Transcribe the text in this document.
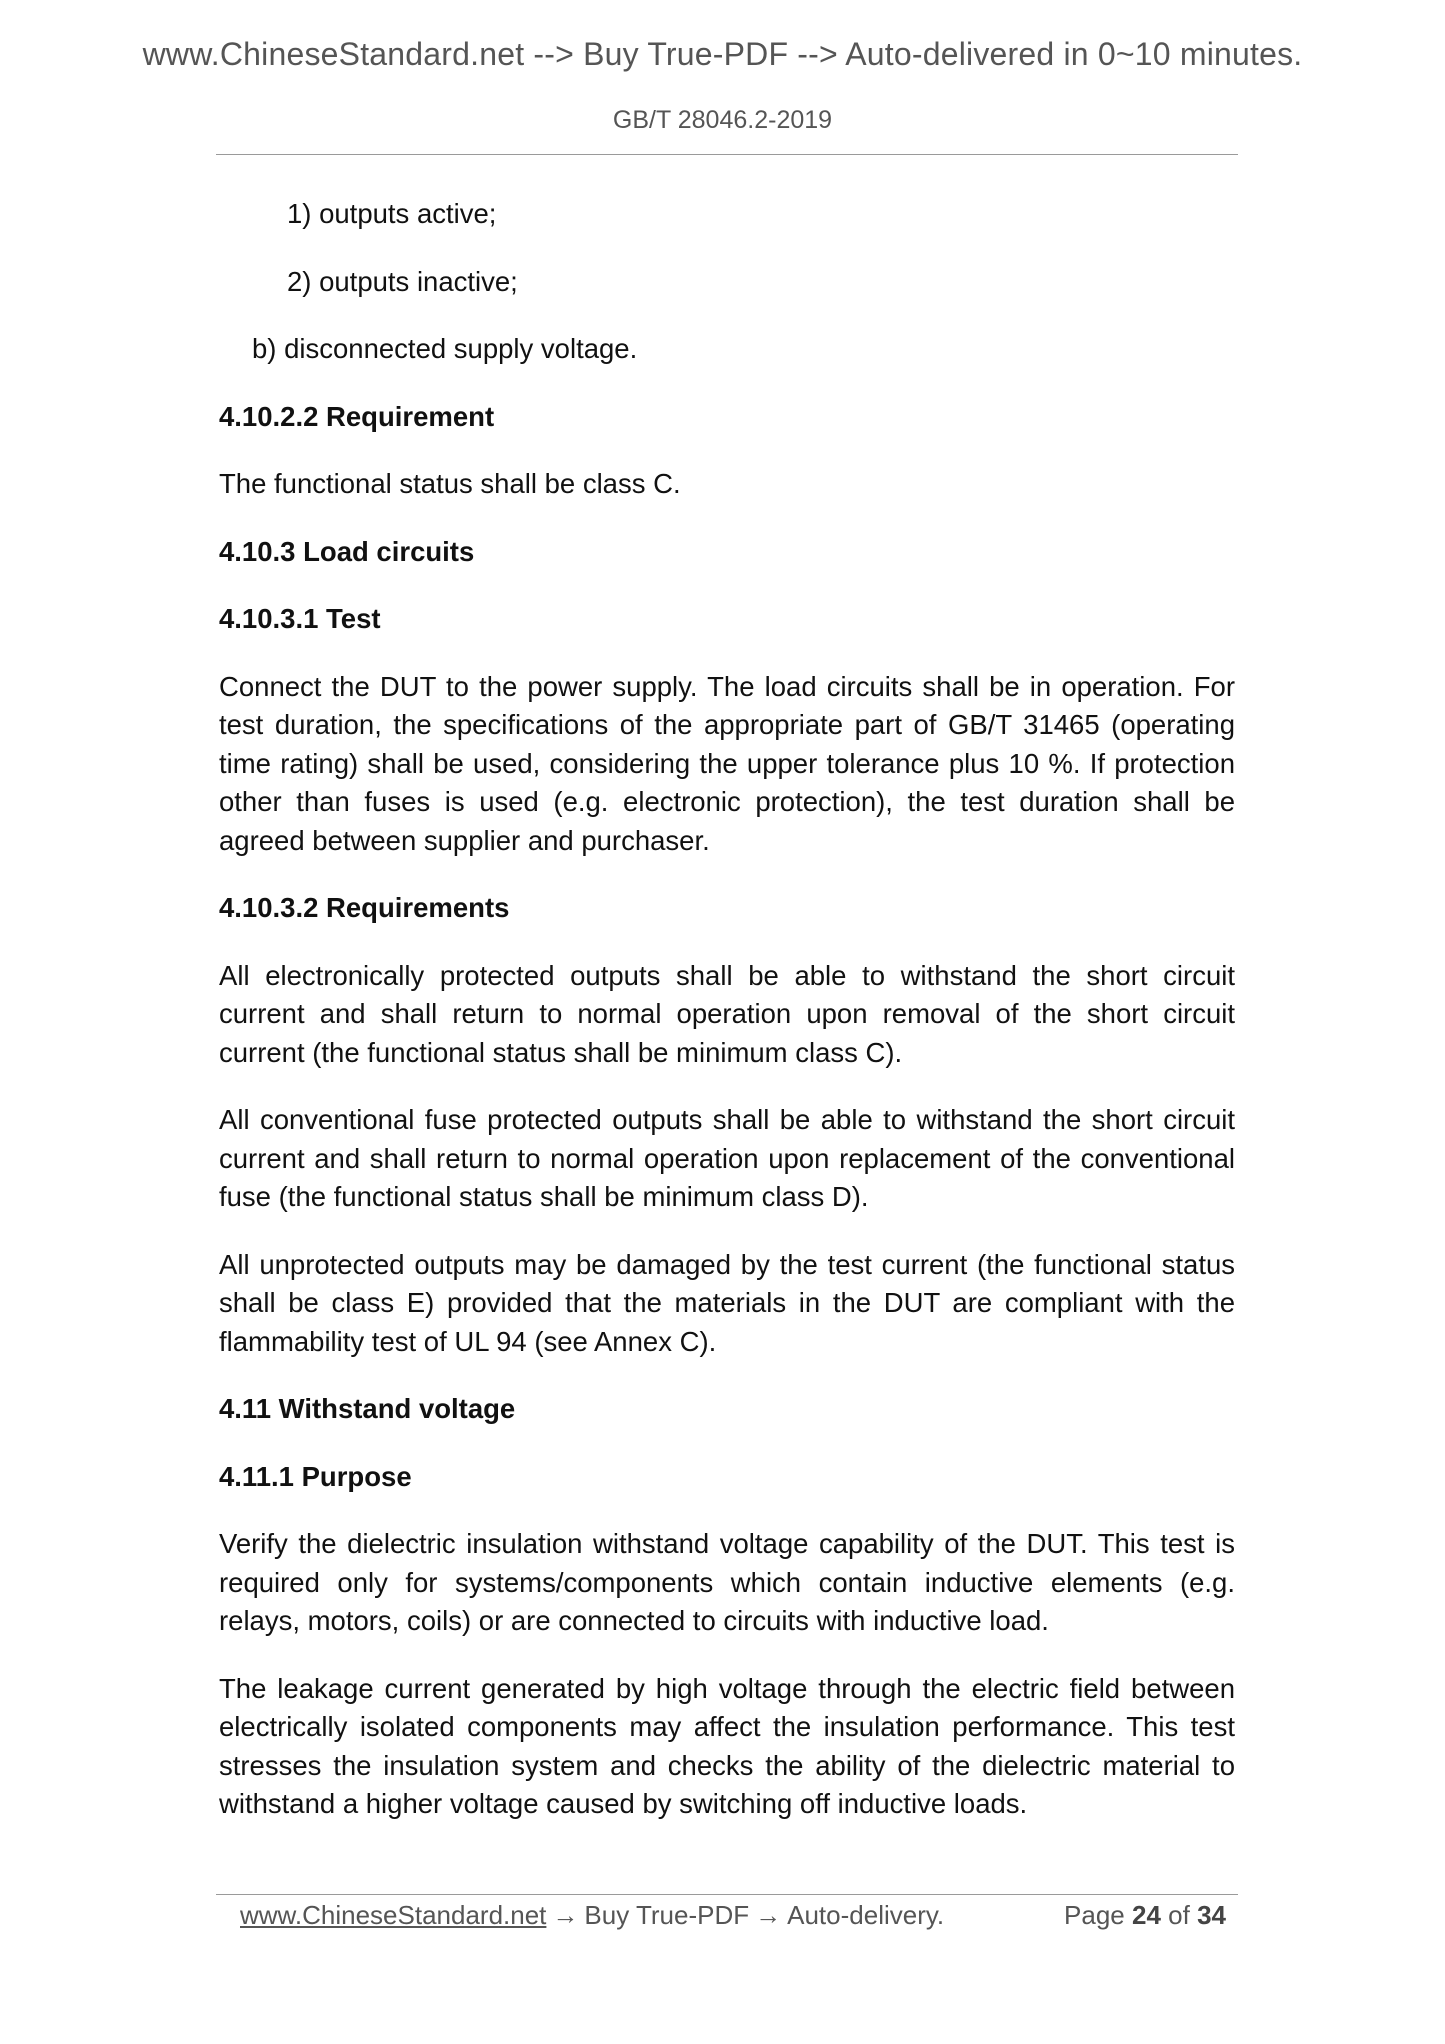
www.ChineseStandard.net --> Buy True-PDF --> Auto-delivered in 0~10 minutes.
GB/T 28046.2-2019
1) outputs active;
2) outputs inactive;
b) disconnected supply voltage.
4.10.2.2 Requirement
The functional status shall be class C.
4.10.3 Load circuits
4.10.3.1 Test
Connect the DUT to the power supply. The load circuits shall be in operation. For test duration, the specifications of the appropriate part of GB/T 31465 (operating time rating) shall be used, considering the upper tolerance plus 10 %. If protection other than fuses is used (e.g. electronic protection), the test duration shall be agreed between supplier and purchaser.
4.10.3.2 Requirements
All electronically protected outputs shall be able to withstand the short circuit current and shall return to normal operation upon removal of the short circuit current (the functional status shall be minimum class C).
All conventional fuse protected outputs shall be able to withstand the short circuit current and shall return to normal operation upon replacement of the conventional fuse (the functional status shall be minimum class D).
All unprotected outputs may be damaged by the test current (the functional status shall be class E) provided that the materials in the DUT are compliant with the flammability test of UL 94 (see Annex C).
4.11 Withstand voltage
4.11.1 Purpose
Verify the dielectric insulation withstand voltage capability of the DUT. This test is required only for systems/components which contain inductive elements (e.g. relays, motors, coils) or are connected to circuits with inductive load.
The leakage current generated by high voltage through the electric field between electrically isolated components may affect the insulation performance. This test stresses the insulation system and checks the ability of the dielectric material to withstand a higher voltage caused by switching off inductive loads.
www.ChineseStandard.net → Buy True-PDF → Auto-delivery.	Page 24 of 34
